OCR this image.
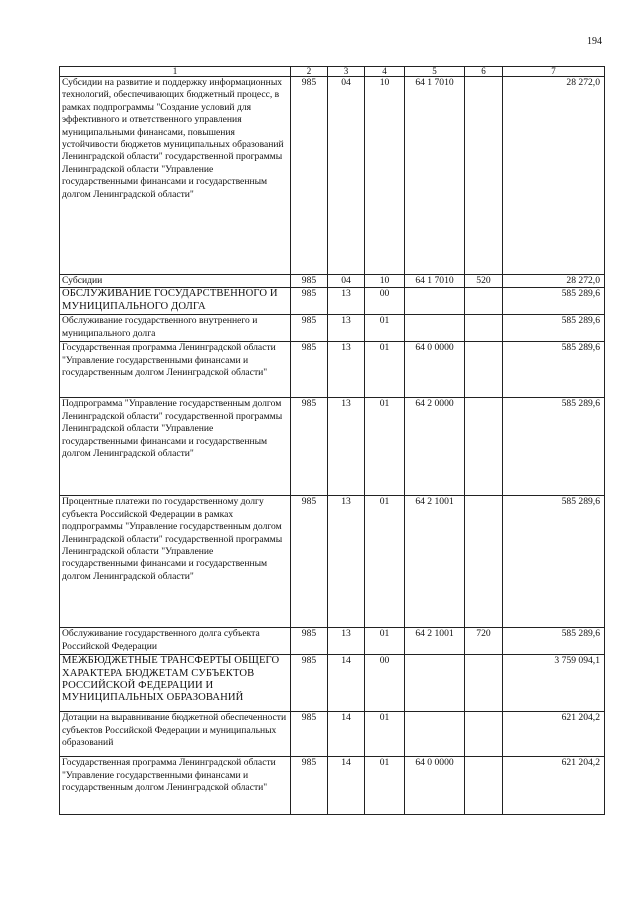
194
1	2	3	4	5	6	7
Субсидии на развитие и поддержку информационных технологий, обеспечивающих бюджетный процесс, в рамках подпрограммы "Создание условий для эффективного и ответственного управления муниципальными финансами, повышения устойчивости бюджетов муниципальных образований Ленинградской области" государственной программы Ленинградской области "Управление государственными финансами и государственным долгом Ленинградской области"	985	04	10	64 1 7010		28 272,0
Субсидии	985	04	10	64 1 7010	520	28 272,0
ОБСЛУЖИВАНИЕ ГОСУДАРСТВЕННОГО И МУНИЦИПАЛЬНОГО ДОЛГА	985	13	00			585 289,6
Обслуживание государственного внутреннего и муниципального долга	985	13	01			585 289,6
Государственная программа Ленинградской области "Управление государственными финансами и государственным долгом Ленинградской области"	985	13	01	64 0 0000		585 289,6
Подпрограмма "Управление государственным долгом Ленинградской области" государственной программы Ленинградской области "Управление государственными финансами и государственным долгом Ленинградской области"	985	13	01	64 2 0000		585 289,6
Процентные платежи по государственному долгу субъекта Российской Федерации в рамках подпрограммы "Управление государственным долгом Ленинградской области" государственной программы Ленинградской области "Управление государственными финансами и государственным долгом Ленинградской области"	985	13	01	64 2 1001		585 289,6
Обслуживание государственного долга субъекта Российской Федерации	985	13	01	64 2 1001	720	585 289,6
МЕЖБЮДЖЕТНЫЕ ТРАНСФЕРТЫ ОБЩЕГО ХАРАКТЕРА БЮДЖЕТАМ СУБЪЕКТОВ РОССИЙСКОЙ ФЕДЕРАЦИИ И МУНИЦИПАЛЬНЫХ ОБРАЗОВАНИЙ	985	14	00			3 759 094,1
Дотации на выравнивание бюджетной обеспеченности субъектов Российской Федерации и муниципальных образований	985	14	01			621 204,2
Государственная программа Ленинградской области "Управление государственными финансами и государственным долгом Ленинградской области"	985	14	01	64 0 0000		621 204,2
